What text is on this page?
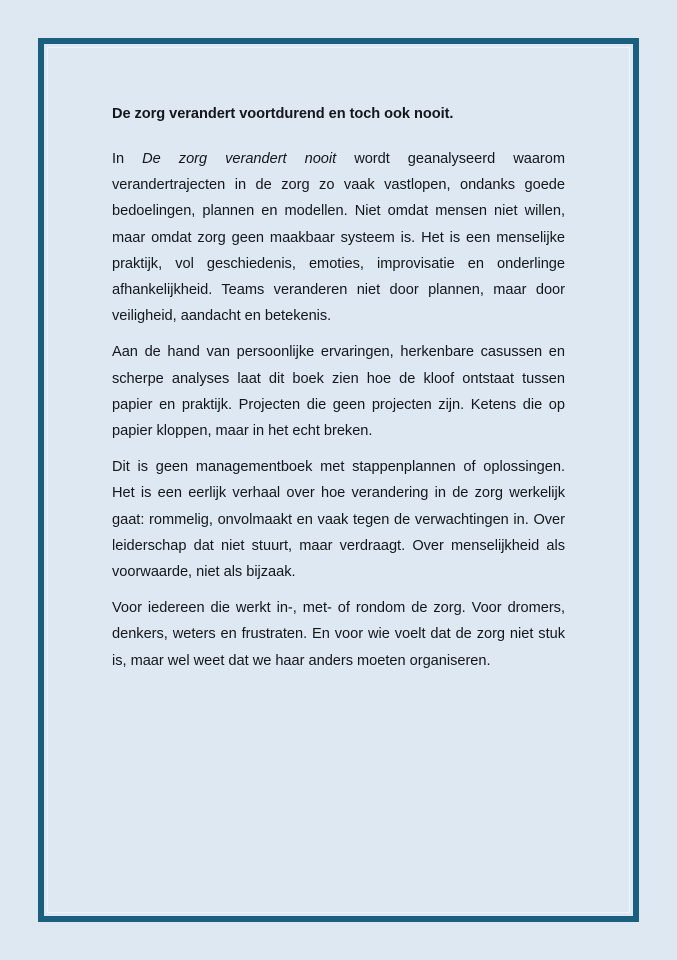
De zorg verandert voortdurend en toch ook nooit.

In De zorg verandert nooit wordt geanalyseerd waarom verandertrajecten in de zorg zo vaak vastlopen, ondanks goede bedoelingen, plannen en modellen. Niet omdat mensen niet willen, maar omdat zorg geen maakbaar systeem is. Het is een menselijke praktijk, vol geschiedenis, emoties, improvisatie en onderlinge afhankelijkheid. Teams veranderen niet door plannen, maar door veiligheid, aandacht en betekenis.

Aan de hand van persoonlijke ervaringen, herkenbare casussen en scherpe analyses laat dit boek zien hoe de kloof ontstaat tussen papier en praktijk. Projecten die geen projecten zijn. Ketens die op papier kloppen, maar in het echt breken.

Dit is geen managementboek met stappenplannen of oplossingen. Het is een eerlijk verhaal over hoe verandering in de zorg werkelijk gaat: rommelig, onvolmaakt en vaak tegen de verwachtingen in. Over leiderschap dat niet stuurt, maar verdraagt. Over menselijkheid als voorwaarde, niet als bijzaak.

Voor iedereen die werkt in-, met- of rondom de zorg. Voor dromers, denkers, weters en frustraten. En voor wie voelt dat de zorg niet stuk is, maar wel weet dat we haar anders moeten organiseren.
